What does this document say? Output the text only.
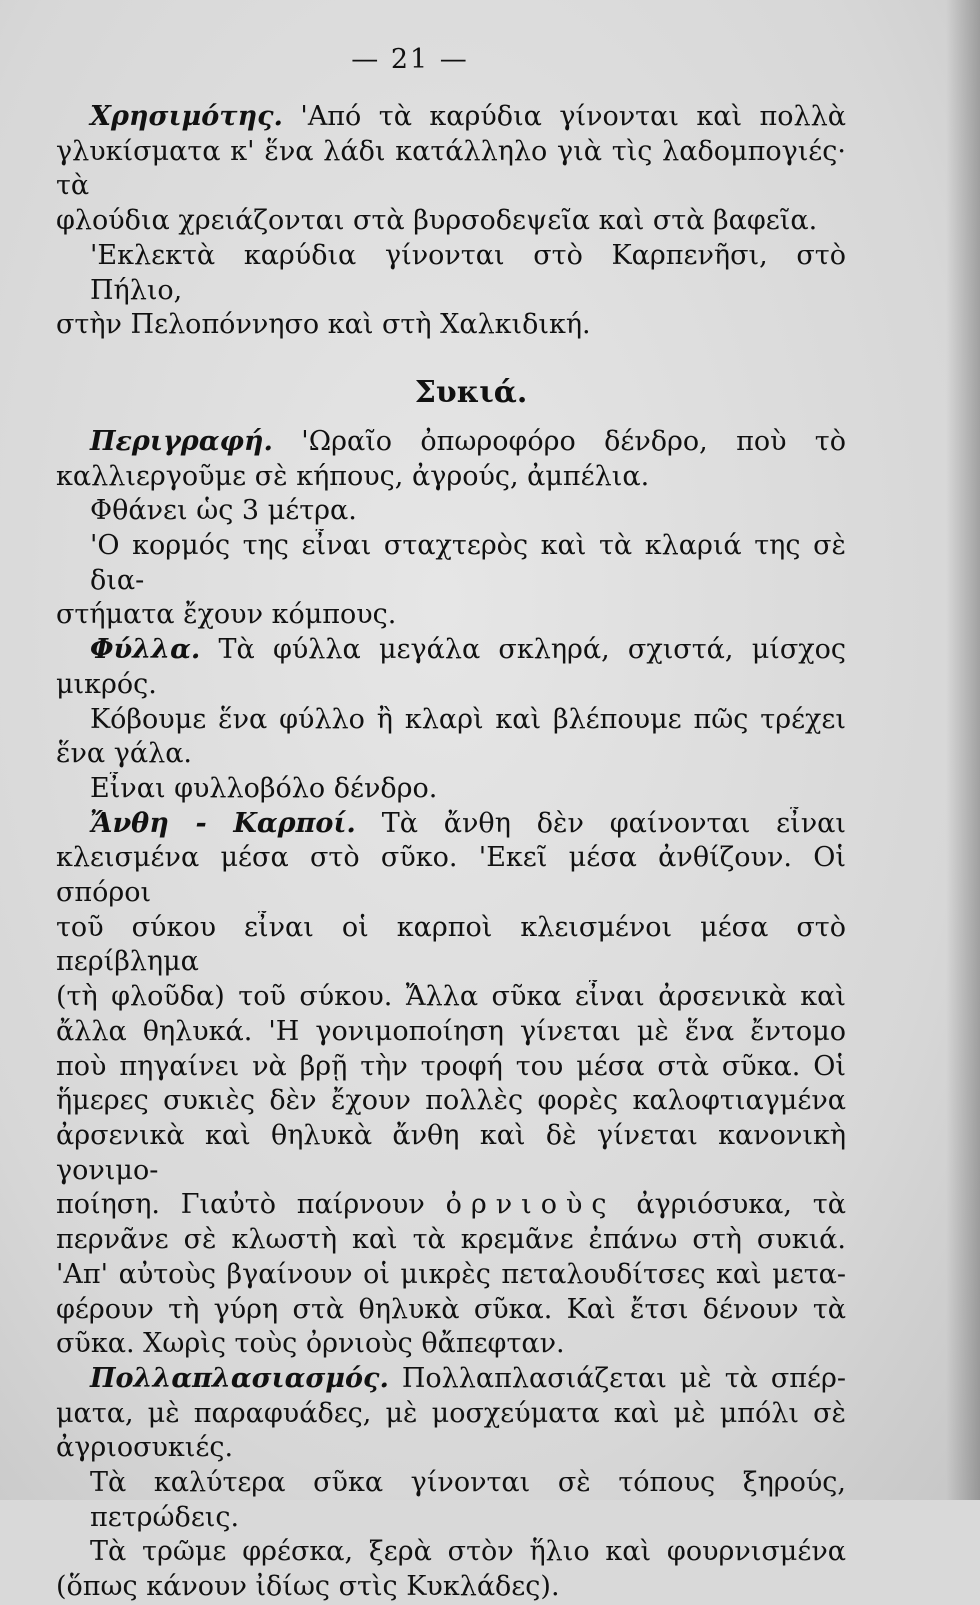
— 21 —
Χρησιμότης. 'Από τὰ καρύδια γίνονται καὶ πολλὰ
γλυκίσματα κ' ἕνα λάδι κατάλληλο γιὰ τὶς λαδομπογιές· τὰ
φλούδια χρειάζονται στὰ βυρσοδεψεῖα καὶ στὰ βαφεῖα.
'Εκλεκτὰ καρύδια γίνονται στὸ Καρπενῆσι, στὸ Πήλιο,
στὴν Πελοπόννησο καὶ στὴ Χαλκιδική.
Συκιά.
Περιγραφή. 'Ωραῖο ὀπωροφόρο δένδρο, ποὺ τὸ
καλλιεργοῦμε σὲ κήπους, ἀγρούς, ἀμπέλια.
Φθάνει ὡς 3 μέτρα.
'Ο κορμός της εἶναι σταχτερὸς καὶ τὰ κλαριά της σὲ δια-
στήματα ἔχουν κόμπους.
Φύλλα. Τὰ φύλλα μεγάλα σκληρά, σχιστά, μίσχος
μικρός.
Κόβουμε ἕνα φύλλο ἢ κλαρὶ καὶ βλέπουμε πῶς τρέχει
ἕνα γάλα.
Εἶναι φυλλοβόλο δένδρο.
Ἄνθη - Καρποί. Τὰ ἄνθη δὲν φαίνονται εἶναι
κλεισμένα μέσα στὸ σῦκο. 'Εκεῖ μέσα ἀνθίζουν. Οἱ σπόροι
τοῦ σύκου εἶναι οἱ καρποὶ κλεισμένοι μέσα στὸ περίβλημα
(τὴ φλοῦδα) τοῦ σύκου. Ἄλλα σῦκα εἶναι ἀρσενικὰ καὶ
ἄλλα θηλυκά. 'Η γονιμοποίηση γίνεται μὲ ἕνα ἔντομο
ποὺ πηγαίνει νὰ βρῇ τὴν τροφή του μέσα στὰ σῦκα. Οἱ
ἥμερες συκιὲς δὲν ἔχουν πολλὲς φορὲς καλοφτιαγμένα
ἀρσενικὰ καὶ θηλυκὰ ἄνθη καὶ δὲ γίνεται κανονικὴ γονιμο-
ποίηση. Γιαὐτὸ παίρνουν ὀρνιοὺς ἀγριόσυκα, τὰ
περνᾶνε σὲ κλωστὴ καὶ τὰ κρεμᾶνε ἐπάνω στὴ συκιά.
'Απ' αὐτοὺς βγαίνουν οἱ μικρὲς πεταλουδίτσες καὶ μετα-
φέρουν τὴ γύρη στὰ θηλυκὰ σῦκα. Καὶ ἔτσι δένουν τὰ
σῦκα. Χωρὶς τοὺς ὀρνιοὺς θἄπεφταν.
Πολλαπλασιασμός. Πολλαπλασιάζεται μὲ τὰ σπέρ-
ματα, μὲ παραφυάδες, μὲ μοσχεύματα καὶ μὲ μπόλι σὲ
ἀγριοσυκιές.
Τὰ καλύτερα σῦκα γίνονται σὲ τόπους ξηρούς, πετρώδεις.
Τὰ τρῶμε φρέσκα, ξερὰ στὸν ἥλιο καὶ φουρνισμένα
(ὅπως κάνουν ἰδίως στὶς Κυκλάδες).
